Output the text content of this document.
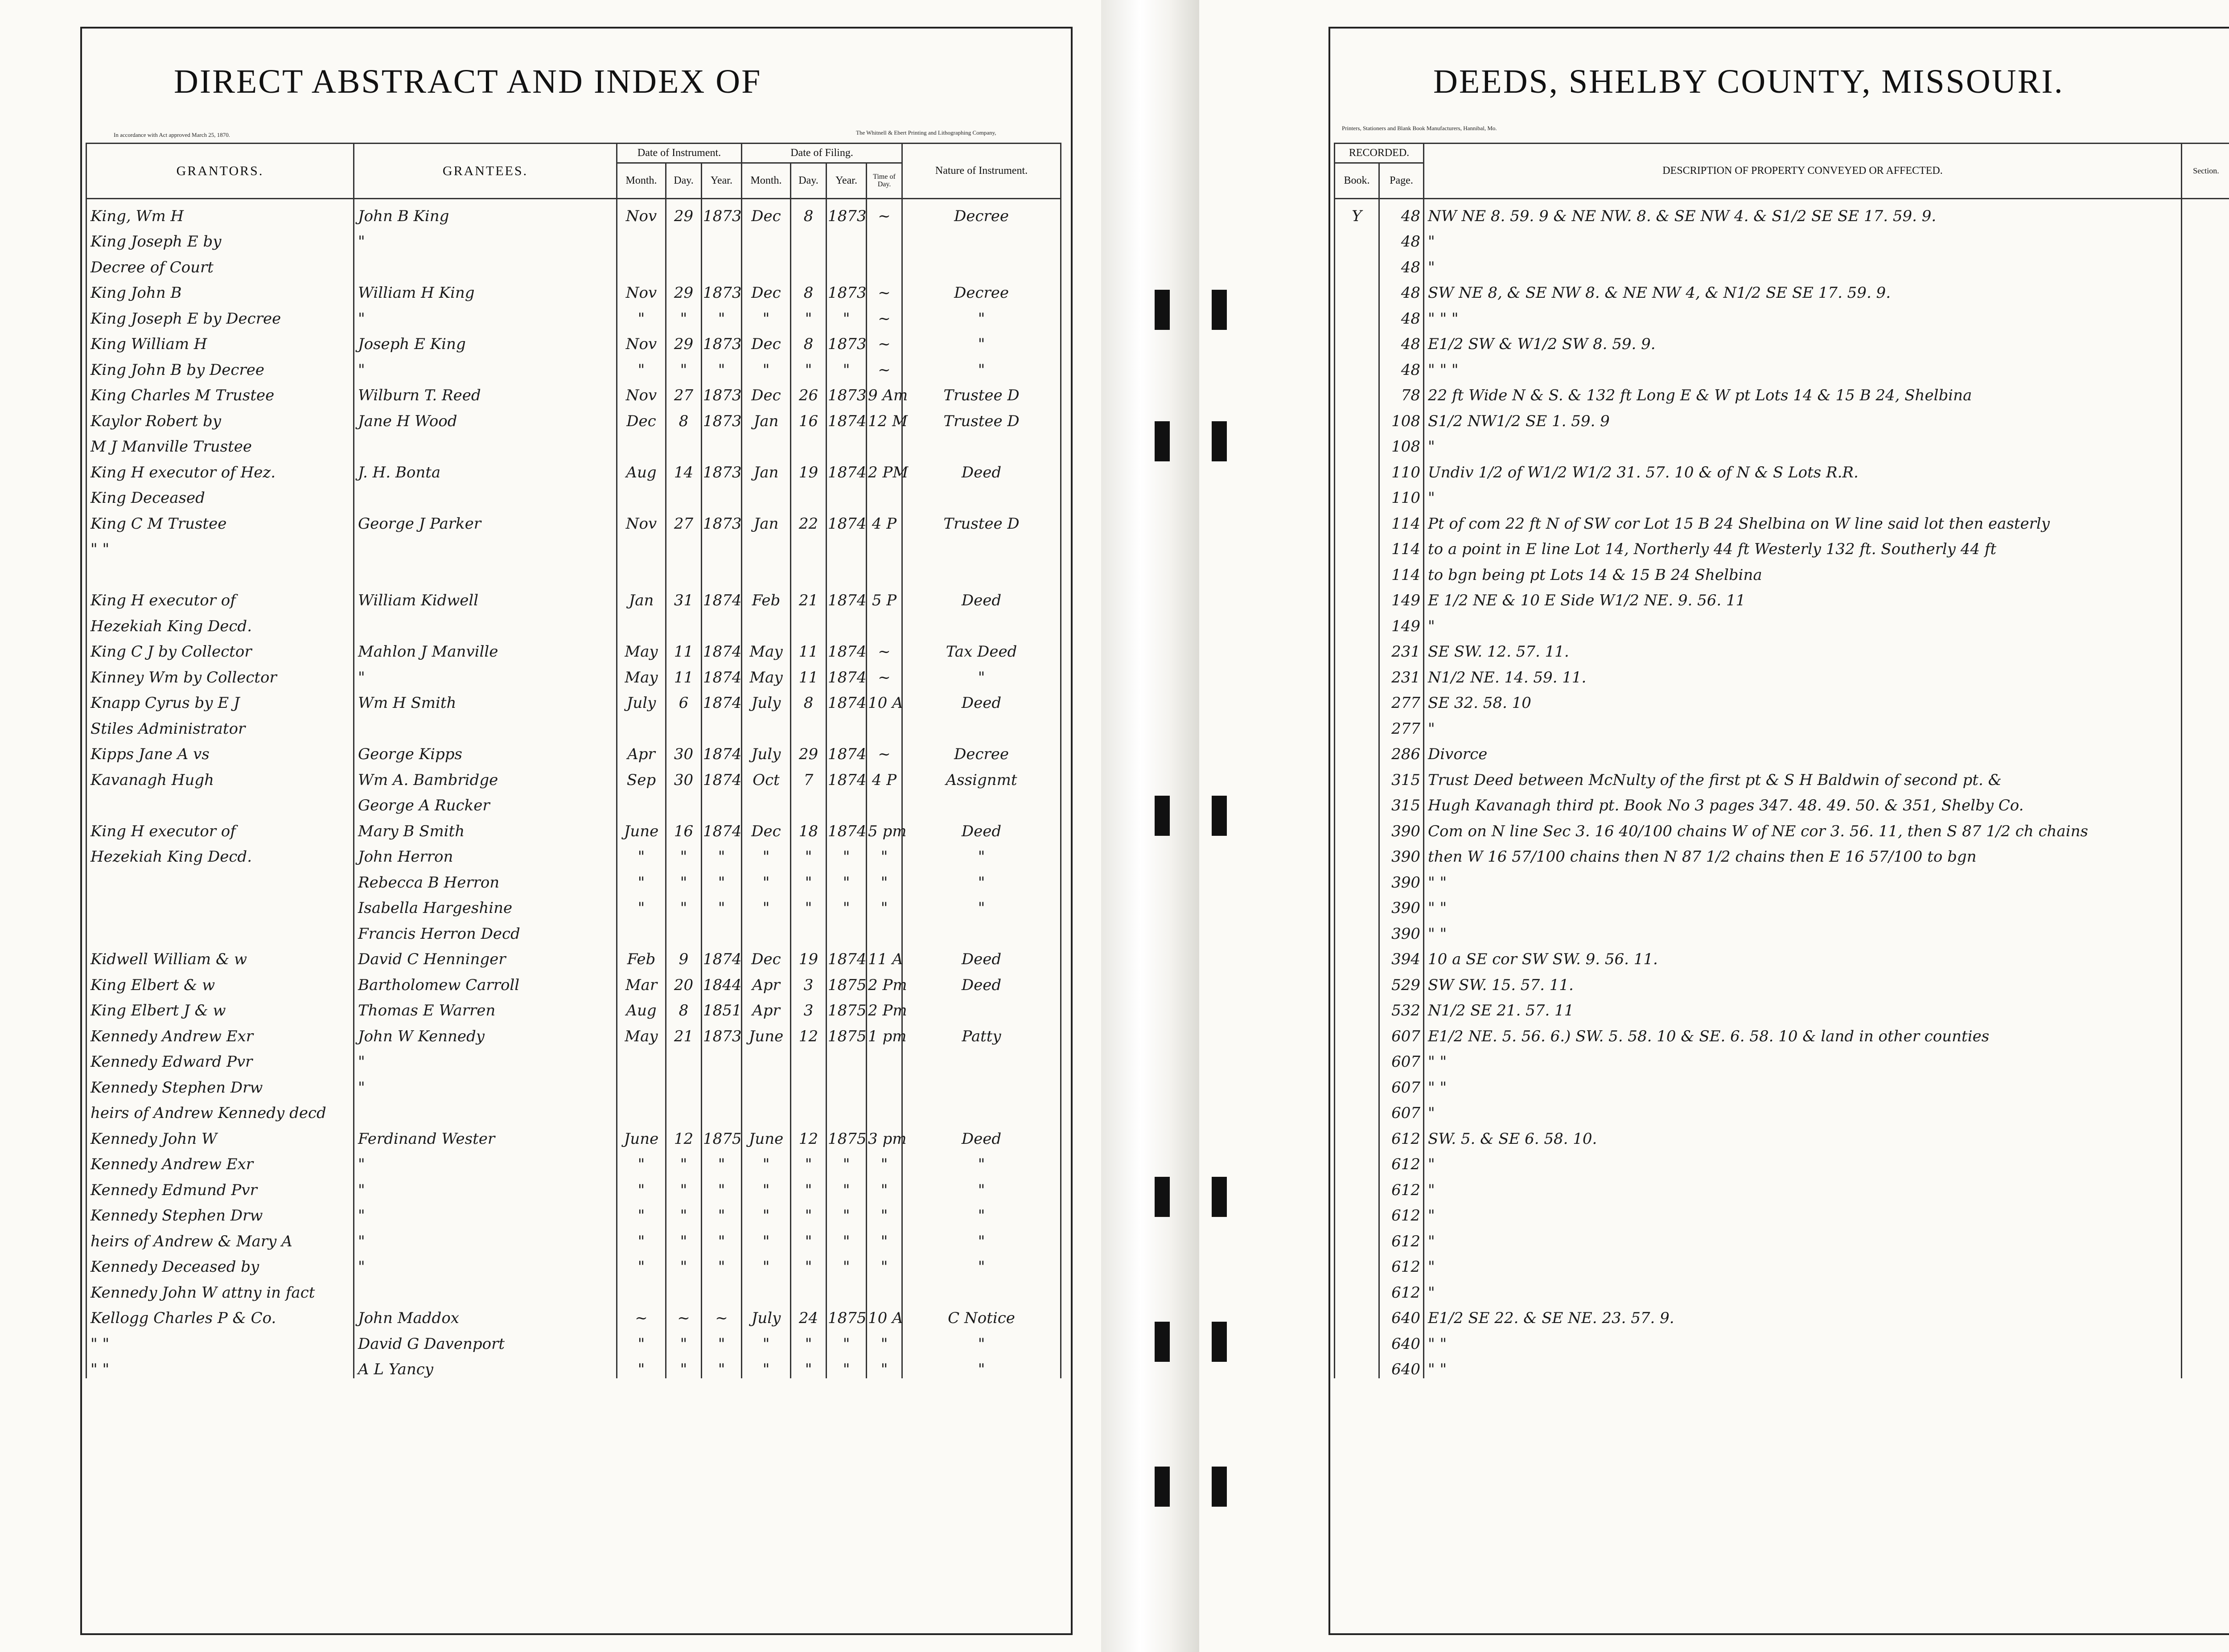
DIRECT ABSTRACT AND INDEX OF
In accordance with Act approved March 25, 1870.	The Whitnell & Ebert Printing and Lithographing Company,
GRANTORS.	GRANTEES.	Date of Instrument.			Date of Filing.				Nature of Instrument.
		Month.	Day.	Year.	Month.	Day.	Year.	Time of Day.	
King, Wm H	John B King	Nov	29	1873	Dec	8	1873	~	Decree
King Joseph E by	"								
Decree of Court									
King John B	William H King	Nov	29	1873	Dec	8	1873	~	Decree
King Joseph E by Decree	"	"	"	"	"	"	"	~	"
King William H	Joseph E King	Nov	29	1873	Dec	8	1873	~	"
King John B by Decree	"	"	"	"	"	"	"	~	"
King Charles M Trustee	Wilburn T. Reed	Nov	27	1873	Dec	26	1873	9 Am	Trustee D
Kaylor Robert by	Jane H Wood	Dec	8	1873	Jan	16	1874	12 M	Trustee D
M J Manville Trustee									
King H executor of Hez.	J. H. Bonta	Aug	14	1873	Jan	19	1874	2 PM	Deed
King Deceased									
King C M Trustee	George J Parker	Nov	27	1873	Jan	22	1874	4 P	Trustee D
" "									

King H executor of	William Kidwell	Jan	31	1874	Feb	21	1874	5 P	Deed
Hezekiah King Decd.									
King C J by Collector	Mahlon J Manville	May	11	1874	May	11	1874	~	Tax Deed
Kinney Wm by Collector	"	May	11	1874	May	11	1874	~	"
Knapp Cyrus by E J	Wm H Smith	July	6	1874	July	8	1874	10 A	Deed
Stiles Administrator									
Kipps Jane A vs	George Kipps	Apr	30	1874	July	29	1874	~	Decree
Kavanagh Hugh	Wm A. Bambridge	Sep	30	1874	Oct	7	1874	4 P	Assignmt
	George A Rucker								
King H executor of	Mary B Smith	June	16	1874	Dec	18	1874	5 pm	Deed
Hezekiah King Decd.	John Herron	"	"	"	"	"	"	"	"
	Rebecca B Herron	"	"	"	"	"	"	"	"
	Isabella Hargeshine	"	"	"	"	"	"	"	"
	Francis Herron Decd								
Kidwell William & w	David C Henninger	Feb	9	1874	Dec	19	1874	11 A	Deed
King Elbert & w	Bartholomew Carroll	Mar	20	1844	Apr	3	1875	2 Pm	Deed
King Elbert J & w	Thomas E Warren	Aug	8	1851	Apr	3	1875	2 Pm	
Kennedy Andrew Exr	John W Kennedy	May	21	1873	June	12	1875	1 pm	Patty
Kennedy Edward Pvr	"								
Kennedy Stephen Drw	"								
heirs of Andrew Kennedy decd									
Kennedy John W	Ferdinand Wester	June	12	1875	June	12	1875	3 pm	Deed
Kennedy Andrew Exr	"	"	"	"	"	"	"	"	"
Kennedy Edmund Pvr	"	"	"	"	"	"	"	"	"
Kennedy Stephen Drw	"	"	"	"	"	"	"	"	"
heirs of Andrew & Mary A	"	"	"	"	"	"	"	"	"
Kennedy Deceased by	"	"	"	"	"	"	"	"	"
Kennedy John W attny in fact									
Kellogg Charles P & Co.	John Maddox	~	~	~	July	24	1875	10 A	C Notice
" "	David G Davenport	"	"	"	"	"	"	"	"
" "	A L Yancy	"	"	"	"	"	"	"	"
DEEDS, SHELBY COUNTY, MISSOURI.
Printers, Stationers and Blank Book Manufacturers, Hannibal, Mo.
RECORDED.		DESCRIPTION OF PROPERTY CONVEYED OR AFFECTED.	Section.		
Book.	Page.				
Y	48	NW NE 8. 59. 9 & NE NW. 8. & SE NW 4. & S1/2 SE SE 17. 59. 9.			
	48	"			
	48	"			
	48	SW NE 8, & SE NW 8. & NE NW 4, & N1/2 SE SE 17. 59. 9.			
	48	" " "			
	48	E1/2 SW & W1/2 SW 8. 59. 9.			
	48	" " "			
	78	22 ft Wide N & S. & 132 ft Long E & W pt Lots 14 & 15 B 24, Shelbina			
	108	S1/2 NW1/2 SE 1. 59. 9			
	108	"			
	110	Undiv 1/2 of W1/2 W1/2 31. 57. 10 & of N & S Lots R.R.			
	110	"			
	114	Pt of com 22 ft N of SW cor Lot 15 B 24 Shelbina on W line said lot then easterly			
	114	to a point in E line Lot 14, Northerly 44 ft Westerly 132 ft. Southerly 44 ft			
	114	to bgn being pt Lots 14 & 15 B 24 Shelbina			
	149	E 1/2 NE & 10 E Side W1/2 NE. 9. 56. 11			
	149	"			
	231	SE SW. 12. 57. 11.			
	231	N1/2 NE. 14. 59. 11.			
	277	SE 32. 58. 10			
	277	"			
	286	Divorce			
	315	Trust Deed between McNulty of the first pt & S H Baldwin of second pt. &			
	315	Hugh Kavanagh third pt. Book No 3 pages 347. 48. 49. 50. & 351, Shelby Co.			
	390	Com on N line Sec 3. 16 40/100 chains W of NE cor 3. 56. 11, then S 87 1/2 ch chains			
	390	then W 16 57/100 chains then N 87 1/2 chains then E 16 57/100 to bgn			
	390	" "			
	390	" "			
	390	" "			
	394	10 a SE cor SW SW. 9. 56. 11.			
	529	SW SW. 15. 57. 11.			
	532	N1/2 SE 21. 57. 11			
	607	E1/2 NE. 5. 56. 6.) SW. 5. 58. 10 & SE. 6. 58. 10 & land in other counties			
	607	" "			
	607	" "			
	607	"			
	612	SW. 5. & SE 6. 58. 10.			
	612	"			
	612	"			
	612	"			
	612	"			
	612	"			
	612	"			
	640	E1/2 SE 22. & SE NE. 23. 57. 9.			
	640	" "			
	640	" "			
